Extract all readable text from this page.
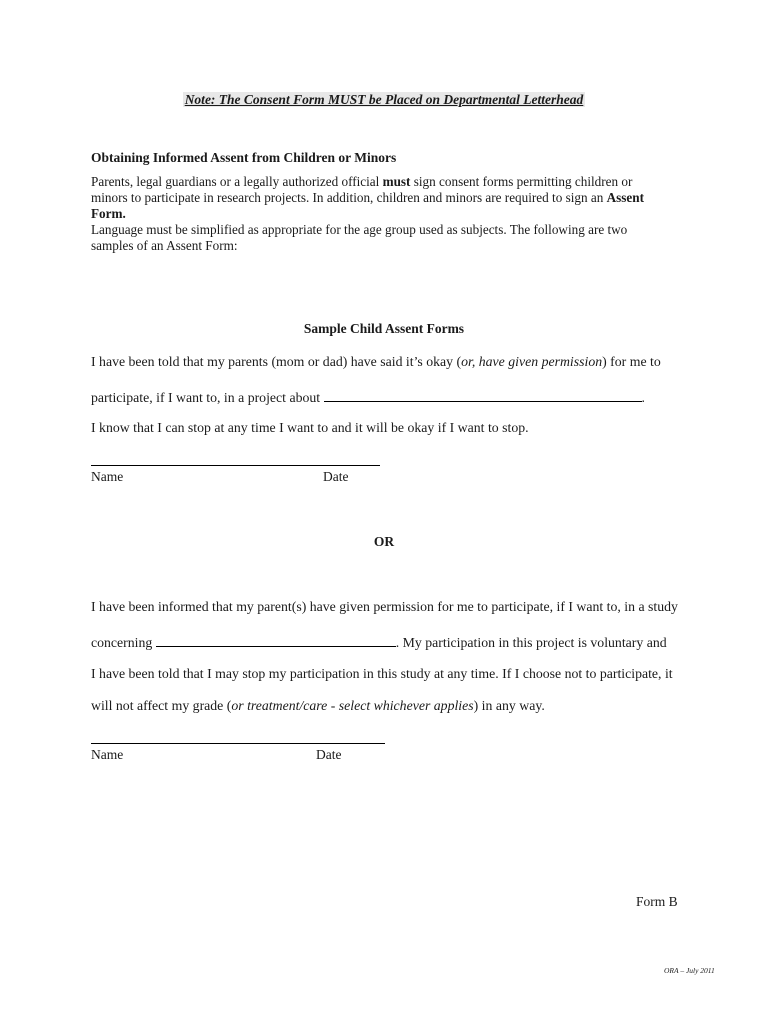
Note: The Consent Form MUST be Placed on Departmental Letterhead

Obtaining Informed Assent from Children or Minors

Parents, legal guardians or a legally authorized official must sign consent forms permitting children or
minors to participate in research projects. In addition, children and minors are required to sign an Assent
Form.
Language must be simplified as appropriate for the age group used as subjects. The following are two
samples of an Assent Form:

Sample Child Assent Forms

I have been told that my parents (mom or dad) have said it’s okay (or, have given permission) for me to

participate, if I want to, in a project about	.

I know that I can stop at any time I want to and it will be okay if I want to stop.

Name	Date

OR

I have been informed that my parent(s) have given permission for me to participate, if I want to, in a study

concerning	. My participation in this project is voluntary and

I have been told that I may stop my participation in this study at any time. If I choose not to participate, it

will not affect my grade (or treatment/care - select whichever applies) in any way.

Name	Date

Form B

ORA – July 2011
